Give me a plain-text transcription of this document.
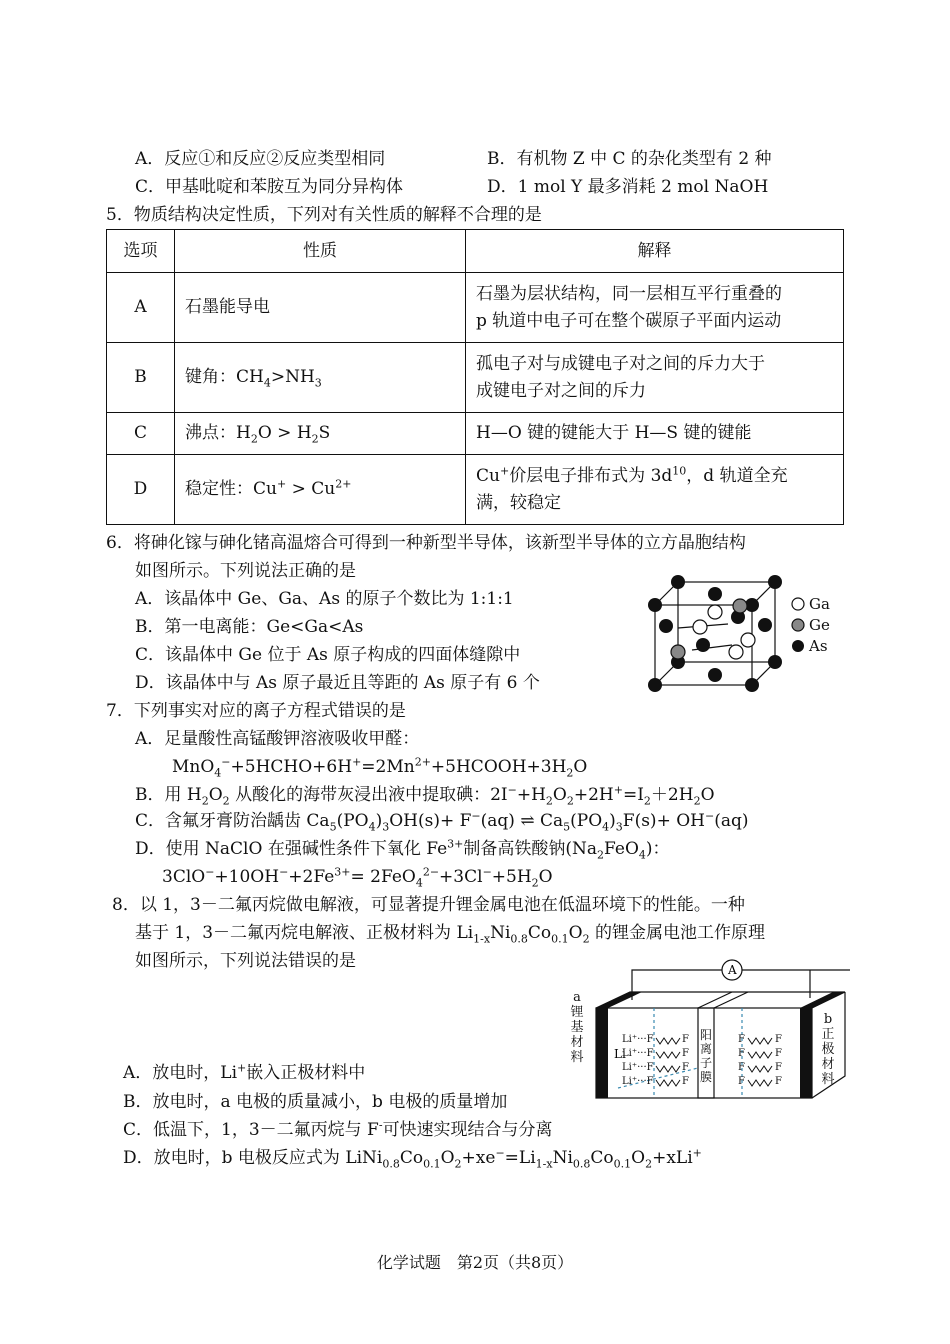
A．反应①和反应②反应类型相同	B．有机物 Z 中 C 的杂化类型有 2 种
C．甲基吡啶和苯胺互为同分异构体	D．1 mol Y 最多消耗 2 mol NaOH
5．物质结构决定性质，下列对有关性质的解释不合理的是
选项	性质	解释
A	石墨能导电	石墨为层状结构，同一层相互平行重叠的
p 轨道中电子可在整个碳原子平面内运动
B	键角：$CH_4>NH_3$	孤电子对与成键电子对之间的斥力大于
成键电子对之间的斥力
C	沸点：$H_2O > H_2S$	H—O 键的键能大于 H—S 键的键能
D	稳定性：$Cu^+ > Cu^{2+}$	Cu+价层电子排布式为 $3d^{10}$，d 轨道全充
满，较稳定
6．将砷化镓与砷化锗高温熔合可得到一种新型半导体，该新型半导体的立方晶胞结构
如图所示。下列说法正确的是
A．该晶体中 Ge、Ga、As 的原子个数比为 1:1:1
B．第一电离能：Ge<Ga<As
C．该晶体中 Ge 位于 As 原子构成的四面体缝隙中
D．该晶体中与 As 原子最近且等距的 As 原子有 6 个
Ga
Ge
As
7．下列事实对应的离子方程式错误的是
A．足量酸性高锰酸钾溶液吸收甲醛：
$MnO_4^-+5HCHO+6H^+=2Mn^{2+}+5HCOOH+3H_2O$
B．用 $H_2O_2$ 从酸化的海带灰浸出液中提取碘：$2I^-+H_2O_2+2H^+=I_2+2H_2O$
C．含氟牙膏防治龋齿 $Ca_5(PO_4)_3OH(s)+ F^-(aq)$ ⇌ $Ca_5(PO_4)_3F(s)+ OH^-(aq)$
D．使用 NaClO 在强碱性条件下氧化 $Fe^{3+}$制备高铁酸钠$(Na_2FeO_4)$：
$3ClO^-+10OH^-+2Fe^{3+}= 2FeO_4^{2-}+3Cl^-+5H_2O$
8．以 1，3－二氟丙烷做电解液，可显著提升锂金属电池在低温环境下的性能。一种
基于 1，3－二氟丙烷电解液、正极材料为 $Li_{1-x}Ni_{0.8}Co_{0.1}O_2$ 的锂金属电池工作原理
如图所示，下列说法错误的是
A．放电时，Li+嵌入正极材料中
B．放电时，a 电极的质量减小，b 电极的质量增加
C．低温下，1，3－二氟丙烷与 F-可快速实现结合与分离
D．放电时，b 电极反应式为 $LiNi_{0.8}Co_{0.1}O_2+xe^-=Li_{1-x}Ni_{0.8}Co_{0.1}O_2+xLi^+$
A
Li
Li⁺···F
Li⁺···F
Li⁺···F
Li⁺···F
F
F
F
F
F
F
F
F
F
F
F
F
a锂基材料
b正极材料
阳离子膜
化学试题　第2页（共8页）
